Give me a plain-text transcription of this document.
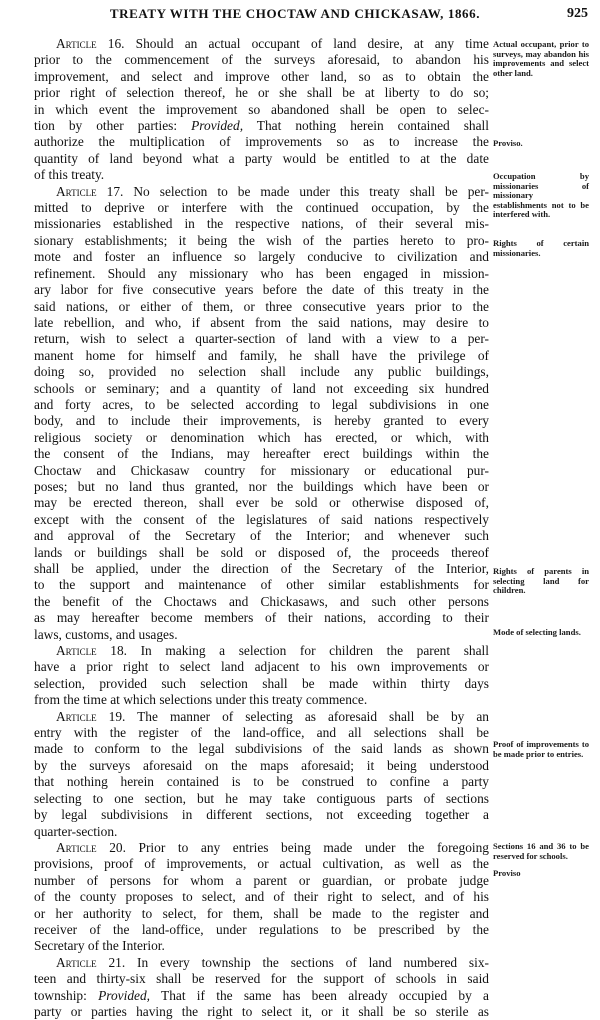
TREATY WITH THE CHOCTAW AND CHICKASAW, 1866.	925
Article 16. Should an actual occupant of land desire, at any time
prior to the commencement of the surveys aforesaid, to abandon his
improvement, and select and improve other land, so as to obtain the
prior right of selection thereof, he or she shall be at liberty to do so;
in which event the improvement so abandoned shall be open to selec-
tion by other parties: Provided, That nothing herein contained shall
authorize the multiplication of improvements so as to increase the
quantity of land beyond what a party would be entitled to at the date
of this treaty.
Article 17. No selection to be made under this treaty shall be per-
mitted to deprive or interfere with the continued occupation, by the
missionaries established in the respective nations, of their several mis-
sionary establishments; it being the wish of the parties hereto to pro-
mote and foster an influence so largely conducive to civilization and
refinement. Should any missionary who has been engaged in mission-
ary labor for five consecutive years before the date of this treaty in the
said nations, or either of them, or three consecutive years prior to the
late rebellion, and who, if absent from the said nations, may desire to
return, wish to select a quarter-section of land with a view to a per-
manent home for himself and family, he shall have the privilege of
doing so, provided no selection shall include any public buildings,
schools or seminary; and a quantity of land not exceeding six hundred
and forty acres, to be selected according to legal subdivisions in one
body, and to include their improvements, is hereby granted to every
religious society or denomination which has erected, or which, with
the consent of the Indians, may hereafter erect buildings within the
Choctaw and Chickasaw country for missionary or educational pur-
poses; but no land thus granted, nor the buildings which have been or
may be erected thereon, shall ever be sold or otherwise disposed of,
except with the consent of the legislatures of said nations respectively
and approval of the Secretary of the Interior; and whenever such
lands or buildings shall be sold or disposed of, the proceeds thereof
shall be applied, under the direction of the Secretary of the Interior,
to the support and maintenance of other similar establishments for
the benefit of the Choctaws and Chickasaws, and such other persons
as may hereafter become members of their nations, according to their
laws, customs, and usages.
Article 18. In making a selection for children the parent shall
have a prior right to select land adjacent to his own improvements or
selection, provided such selection shall be made within thirty days
from the time at which selections under this treaty commence.
Article 19. The manner of selecting as aforesaid shall be by an
entry with the register of the land-office, and all selections shall be
made to conform to the legal subdivisions of the said lands as shown
by the surveys aforesaid on the maps aforesaid; it being understood
that nothing herein contained is to be construed to confine a party
selecting to one section, but he may take contiguous parts of sections
by legal subdivisions in different sections, not exceeding together a
quarter-section.
Article 20. Prior to any entries being made under the foregoing
provisions, proof of improvements, or actual cultivation, as well as the
number of persons for whom a parent or guardian, or probate judge
of the county proposes to select, and of their right to select, and of his
or her authority to select, for them, shall be made to the register and
receiver of the land-office, under regulations to be prescribed by the
Secretary of the Interior.
Article 21. In every township the sections of land numbered six-
teen and thirty-six shall be reserved for the support of schools in said
township: Provided, That if the same has been already occupied by a
party or parties having the right to select it, or it shall be so sterile as
Actual occupant, prior to surveys, may abandon his improvements and select other land.
Proviso.
Occupation by missionaries of missionary establishments not to be interfered with.
Rights of certain missionaries.
Rights of parents in selecting land for children.
Mode of selecting lands.
Proof of improvements to be made prior to entries.
Sections 16 and 36 to be reserved for schools.
Proviso
